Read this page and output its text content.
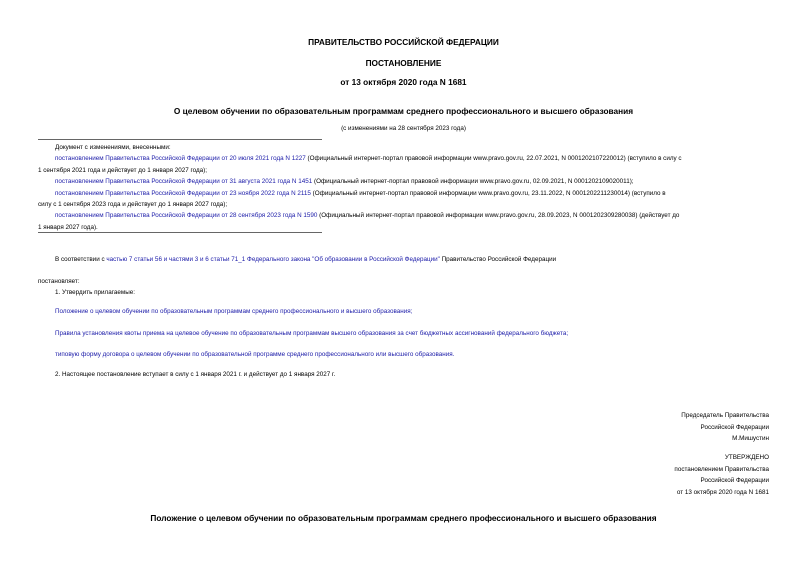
ПРАВИТЕЛЬСТВО РОССИЙСКОЙ ФЕДЕРАЦИИ
ПОСТАНОВЛЕНИЕ
от 13 октября 2020 года N 1681
О целевом обучении по образовательным программам среднего профессионального и высшего образования
(с изменениями на 28 сентября 2023 года)

Документ с изменениями, внесенными:

постановлением Правительства Российской Федерации от 20 июля 2021 года N 1227 (Официальный интернет-портал правовой информации www.pravo.gov.ru, 22.07.2021, N 0001202107220012) (вступило в силу с

1 сентября 2021 года и действует до 1 января 2027 года);

постановлением Правительства Российской Федерации от 31 августа 2021 года N 1451 (Официальный интернет-портал правовой информации www.pravo.gov.ru, 02.09.2021, N 0001202109020011);

постановлением Правительства Российской Федерации от 23 ноября 2022 года N 2115 (Официальный интернет-портал правовой информации www.pravo.gov.ru, 23.11.2022, N 0001202211230014) (вступило в

силу с 1 сентября 2023 года и действует до 1 января 2027 года);

постановлением Правительства Российской Федерации от 28 сентября 2023 года N 1590 (Официальный интернет-портал правовой информации www.pravo.gov.ru, 28.09.2023, N 0001202309280038) (действует до

1 января 2027 года).

В соответствии с частью 7 статьи 56 и частями 3 и 6 статьи 71_1 Федерального закона "Об образовании в Российской Федерации" Правительство Российской Федерации
постановляет:
1. Утвердить прилагаемые:
Положение о целевом обучении по образовательным программам среднего профессионального и высшего образования;
Правила установления квоты приема на целевое обучение по образовательным программам высшего образования за счет бюджетных ассигнований федерального бюджета;
типовую форму договора о целевом обучении по образовательной программе среднего профессионального или высшего образования.
2. Настоящее постановление вступает в силу с 1 января 2021 г. и действует до 1 января 2027 г.
Председатель Правительства
Российской Федерации
М.Мишустин
УТВЕРЖДЕНО
постановлением Правительства
Российской Федерации
от 13 октября 2020 года N 1681
Положение о целевом обучении по образовательным программам среднего профессионального и высшего образования
